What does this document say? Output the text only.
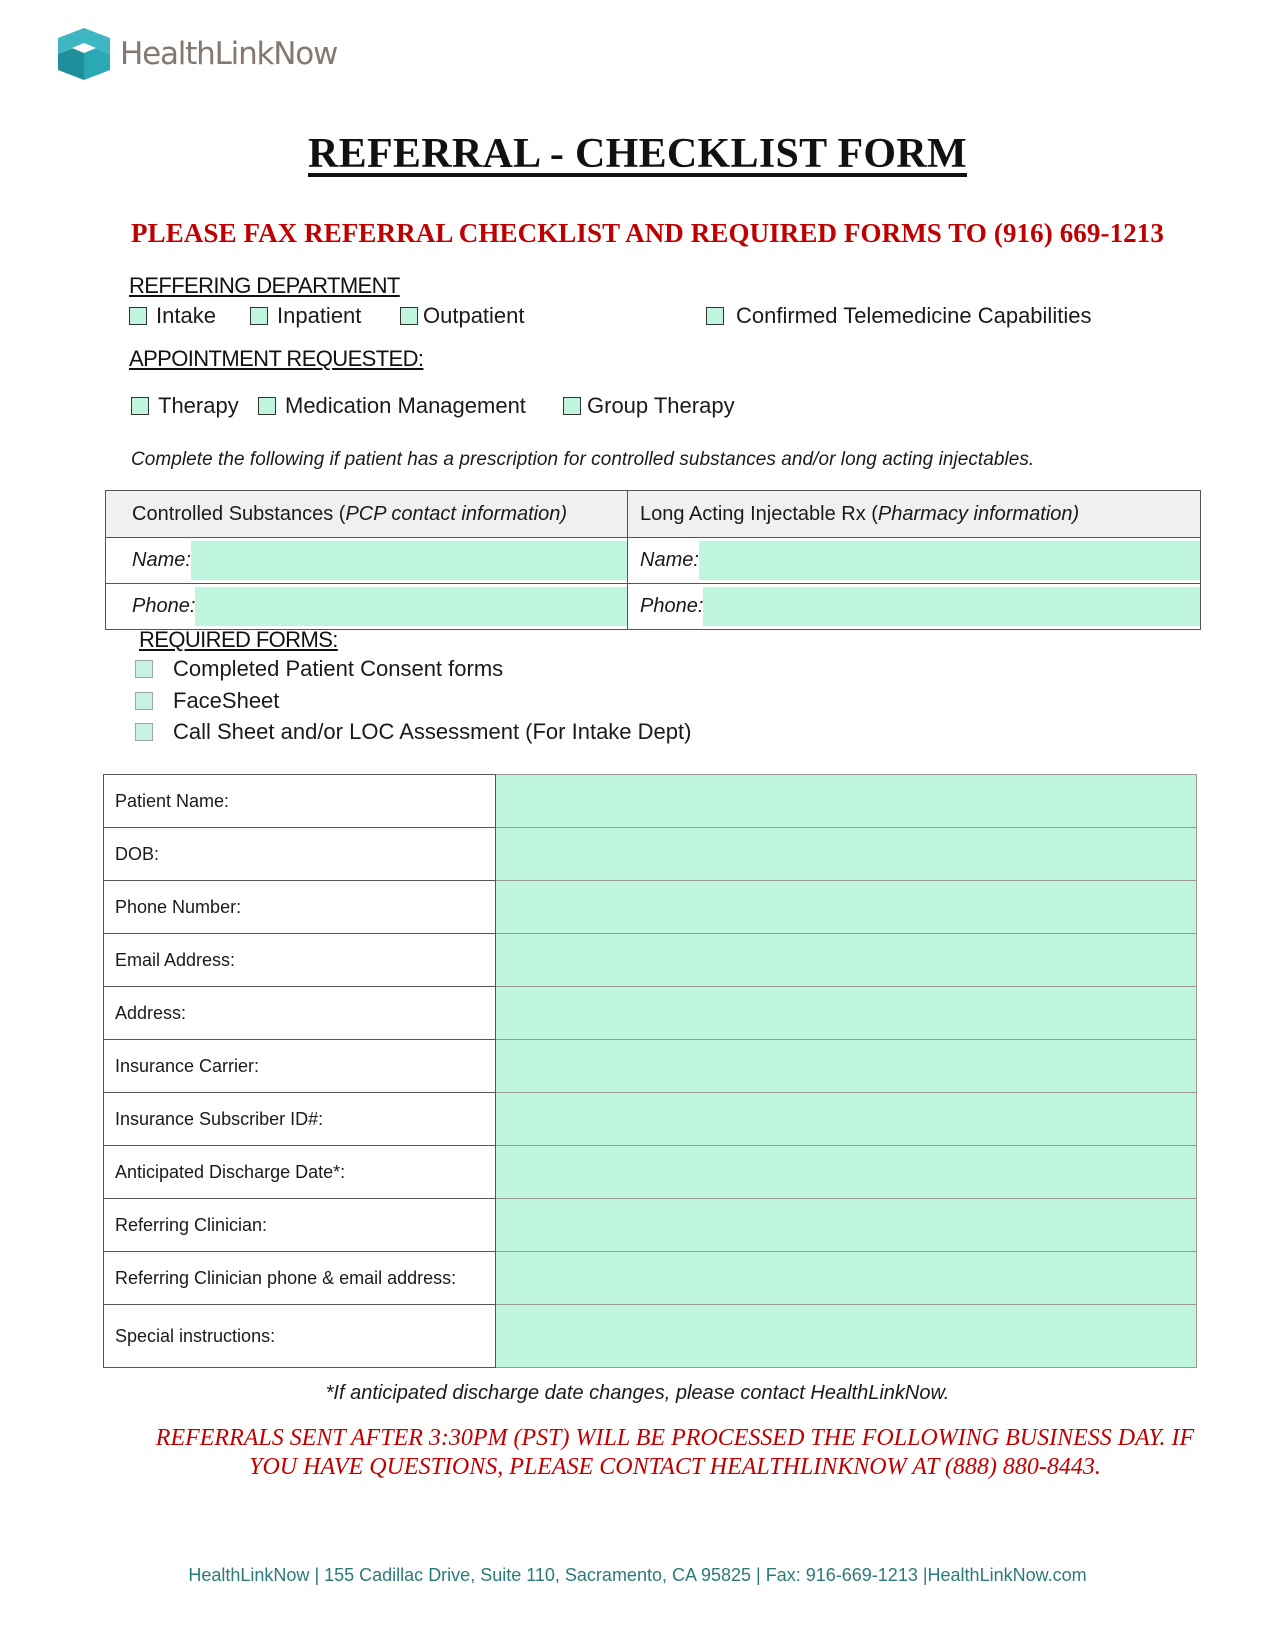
HealthLinkNow
REFERRAL - CHECKLIST FORM
PLEASE FAX REFERRAL CHECKLIST AND REQUIRED FORMS TO (916) 669-1213
REFFERING DEPARTMENT
Intake	Inpatient	Outpatient	Confirmed Telemedicine Capabilities
APPOINTMENT REQUESTED:
Therapy Medication Management	Group Therapy
Complete the following if patient has a prescription for controlled substances and/or long acting injectables.
Controlled Substances (PCP contact information)	Long Acting Injectable Rx (Pharmacy information)

Name:	Name:

Phone:	Phone:
REQUIRED FORMS:
Completed Patient Consent forms
FaceSheet
Call Sheet and/or LOC Assessment (For Intake Dept)
Patient Name:	
DOB:	
Phone Number:	
Email Address:	
Address:	
Insurance Carrier:	
Insurance Subscriber ID#:	
Anticipated Discharge Date*:	
Referring Clinician:	
Referring Clinician phone & email address:	
Special instructions:	
*If anticipated discharge date changes, please contact HealthLinkNow.
REFERRALS SENT AFTER 3:30PM (PST) WILL BE PROCESSED THE FOLLOWING BUSINESS DAY. IF
YOU HAVE QUESTIONS, PLEASE CONTACT HEALTHLINKNOW AT (888) 880-8443.
HealthLinkNow | 155 Cadillac Drive, Suite 110, Sacramento, CA 95825 | Fax: 916-669-1213 |HealthLinkNow.com
